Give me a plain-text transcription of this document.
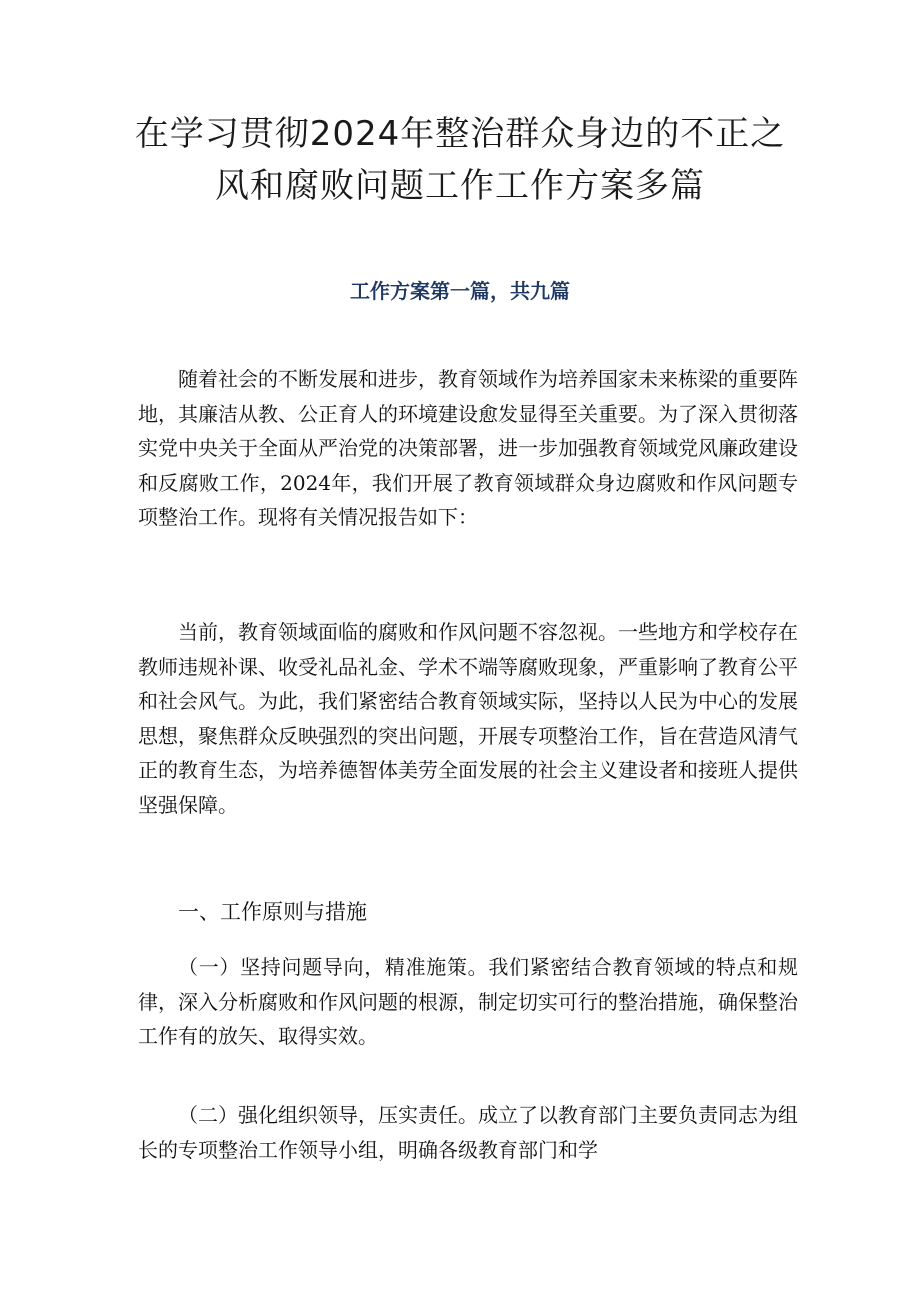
在学习贯彻2024年整治群众身边的不正之
风和腐败问题工作工作方案多篇
工作方案第一篇，共九篇

随着社会的不断发展和进步，教育领域作为培养国家未来栋梁的重要阵地，其廉洁从教、公正育人的环境建设愈发显得至关重要。为了深入贯彻落实党中央关于全面从严治党的决策部署，进一步加强教育领域党风廉政建设和反腐败工作，2024年，我们开展了教育领域群众身边腐败和作风问题专项整治工作。现将有关情况报告如下：

当前，教育领域面临的腐败和作风问题不容忽视。一些地方和学校存在教师违规补课、收受礼品礼金、学术不端等腐败现象，严重影响了教育公平和社会风气。为此，我们紧密结合教育领域实际，坚持以人民为中心的发展思想，聚焦群众反映强烈的突出问题，开展专项整治工作，旨在营造风清气正的教育生态，为培养德智体美劳全面发展的社会主义建设者和接班人提供坚强保障。

一、工作原则与措施

（一）坚持问题导向，精准施策。我们紧密结合教育领域的特点和规律，深入分析腐败和作风问题的根源，制定切实可行的整治措施，确保整治工作有的放矢、取得实效。

（二）强化组织领导，压实责任。成立了以教育部门主要负责同志为组长的专项整治工作领导小组，明确各级教育部门和学
